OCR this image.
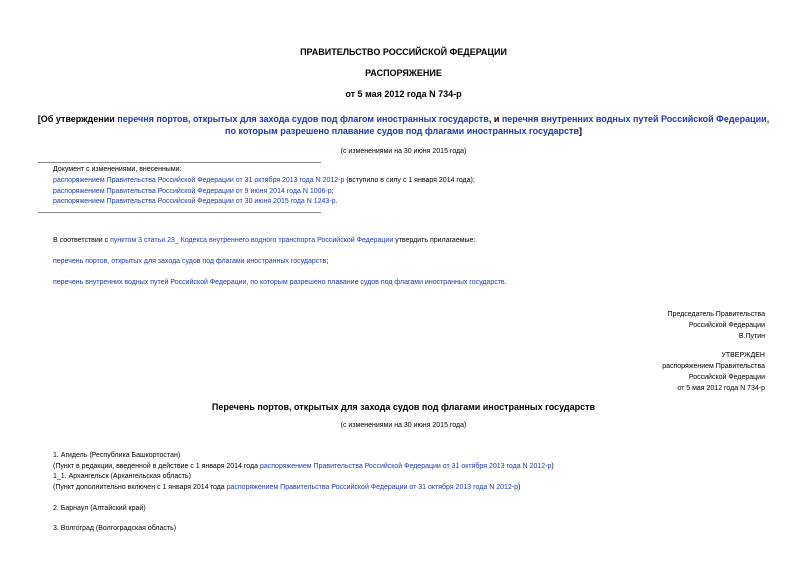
ПРАВИТЕЛЬСТВО РОССИЙСКОЙ ФЕДЕРАЦИИ
РАСПОРЯЖЕНИЕ
от 5 мая 2012 года N 734-р
[Об утверждении перечня портов, открытых для захода судов под флагом иностранных государств, и перечня внутренних водных путей Российской Федерации,
по которым разрешено плавание судов под флагами иностранных государств]
(с изменениями на 30 июня 2015 года)
Документ с изменениями, внесенными:
распоряжением Правительства Российской Федерации от 31 октября 2013 года N 2012-р (вступило в силу с 1 января 2014 года);
распоряжением Правительства Российской Федерации от 9 июня 2014 года N 1006-р;
распоряжением Правительства Российской Федерации от 30 июня 2015 года N 1243-р.
В соответствии с пунктом 3 статьи 23_ Кодекса внутреннего водного транспорта Российской Федерации утвердить прилагаемые:
перечень портов, открытых для захода судов под флагами иностранных государств;
перечень внутренних водных путей Российской Федерации, по которым разрешено плавание судов под флагами иностранных государств.
Председатель Правительства
Российской Федерации
В.Путин
УТВЕРЖДЕН
распоряжением Правительства
Российской Федерации
от 5 мая 2012 года N 734-р
Перечень портов, открытых для захода судов под флагами иностранных государств
(с изменениями на 30 июня 2015 года)
1. Агидель (Республика Башкортостан)
(Пункт в редакции, введенной в действие с 1 января 2014 года распоряжением Правительства Российской Федерации от 31 октября 2013 года N 2012-р)
1_1. Архангельск (Архангельская область)
(Пункт дополнительно включен с 1 января 2014 года распоряжением Правительства Российской Федерации от 31 октября 2013 года N 2012-р)
2. Барнаул (Алтайский край)
3. Волгоград (Волгоградская область)
